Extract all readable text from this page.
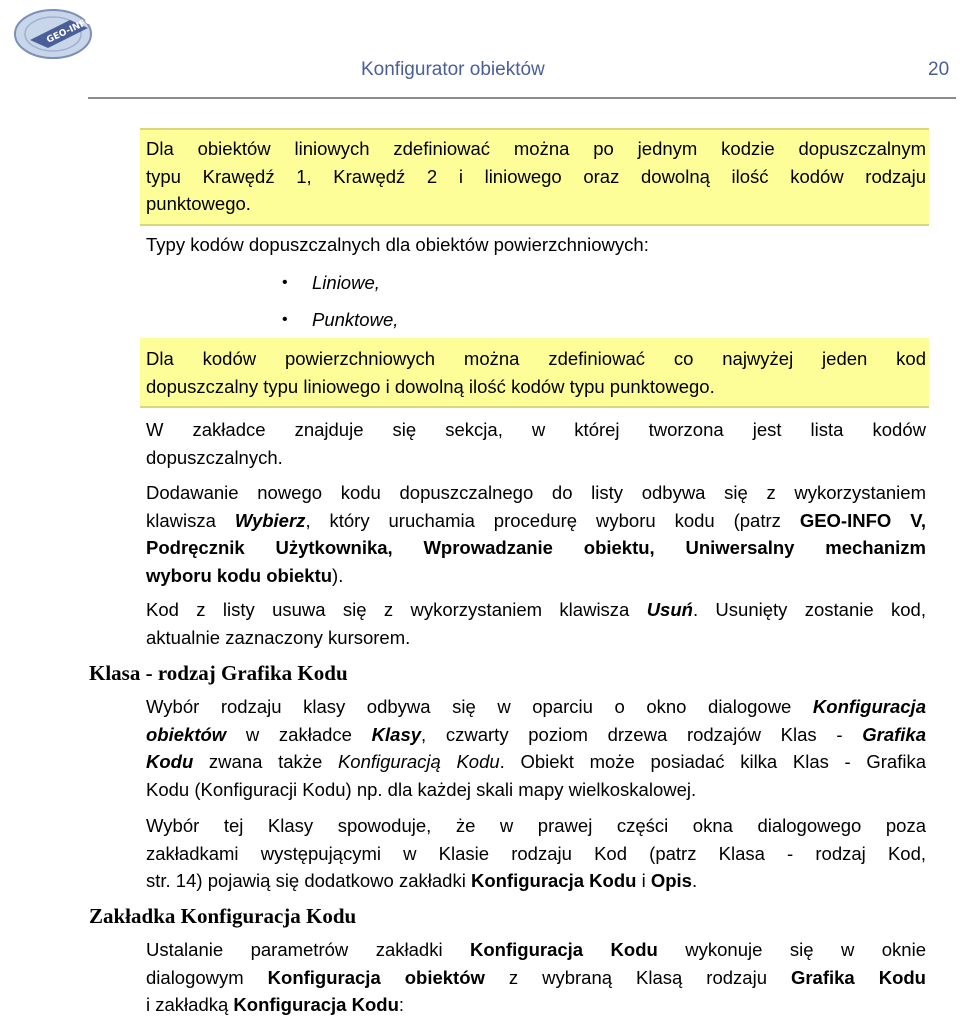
GEO-INFO
Konfigurator obiektów	20
Dla obiektów liniowych zdefiniować można po jednym kodzie dopuszczalnym
typu Krawędź 1, Krawędź 2 i liniowego oraz dowolną ilość kodów rodzaju
punktowego.
Typy kodów dopuszczalnych dla obiektów powierzchniowych:
• Liniowe,
• Punktowe,
Dla kodów powierzchniowych można zdefiniować co najwyżej jeden kod
dopuszczalny typu liniowego i dowolną ilość kodów typu punktowego.
W zakładce znajduje się sekcja, w której tworzona jest lista kodów
dopuszczalnych.
Dodawanie nowego kodu dopuszczalnego do listy odbywa się z wykorzystaniem
klawisza Wybierz, który uruchamia procedurę wyboru kodu (patrz GEO-INFO V,
Podręcznik Użytkownika, Wprowadzanie obiektu, Uniwersalny mechanizm
wyboru kodu obiektu).
Kod z listy usuwa się z wykorzystaniem klawisza Usuń. Usunięty zostanie kod,
aktualnie zaznaczony kursorem.
Klasa - rodzaj Grafika Kodu
Wybór rodzaju klasy odbywa się w oparciu o okno dialogowe Konfiguracja
obiektów w zakładce Klasy, czwarty poziom drzewa rodzajów Klas - Grafika
Kodu zwana także Konfiguracją Kodu. Obiekt może posiadać kilka Klas - Grafika
Kodu (Konfiguracji Kodu) np. dla każdej skali mapy wielkoskalowej.
Wybór tej Klasy spowoduje, że w prawej części okna dialogowego poza
zakładkami występującymi w Klasie rodzaju Kod (patrz Klasa - rodzaj Kod,
str. 14) pojawią się dodatkowo zakładki Konfiguracja Kodu i Opis.
Zakładka Konfiguracja Kodu
Ustalanie parametrów zakładki Konfiguracja Kodu wykonuje się w oknie
dialogowym Konfiguracja obiektów z wybraną Klasą rodzaju Grafika Kodu
i zakładką Konfiguracja Kodu:
